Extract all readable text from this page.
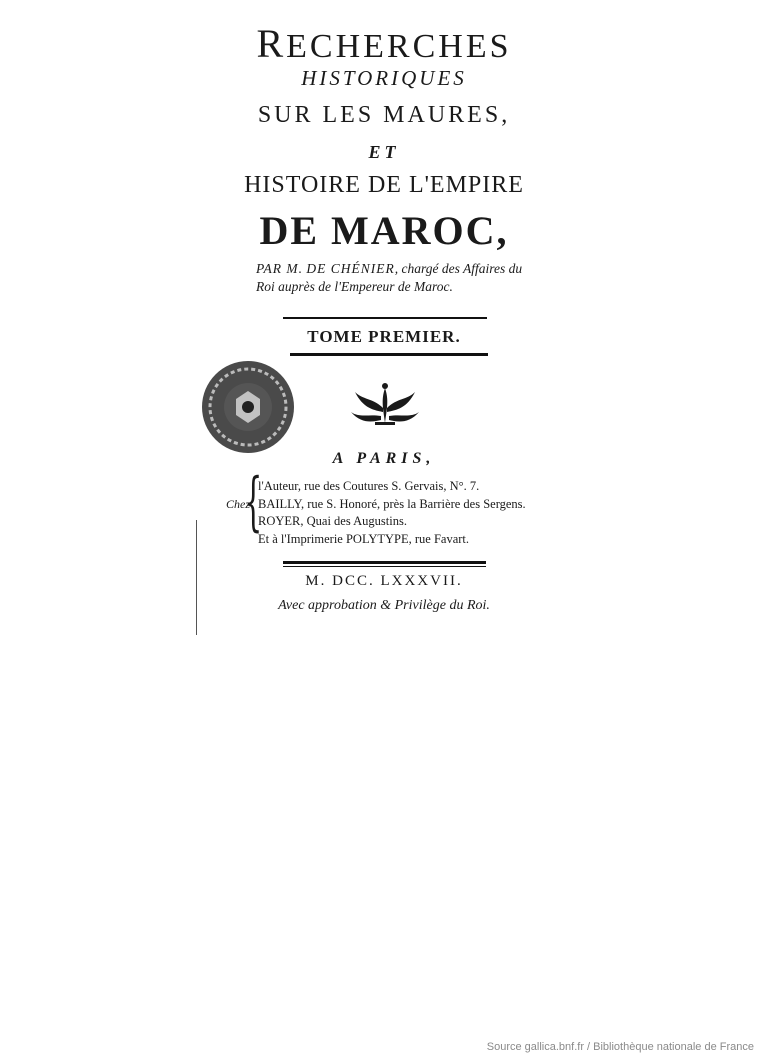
RECHERCHES
HISTORIQUES
SUR LES MAURES,
ET
HISTOIRE DE L'EMPIRE
DE MAROC,
PAR M. DE CHÉNIER, chargé des Affaires du
Roi auprès de l'Empereur de Maroc.
TOME PREMIER.
A PARIS,
Chez
{
l'Auteur, rue des Coutures S. Gervais, N°. 7.
BAILLY, rue S. Honoré, près la Barrière des Sergens.
ROYER, Quai des Augustins.
Et à l'Imprimerie POLYTYPE, rue Favart.
M. DCC. LXXXVII.
Avec approbation & Privilège du Roi.
Source gallica.bnf.fr / Bibliothèque nationale de France
